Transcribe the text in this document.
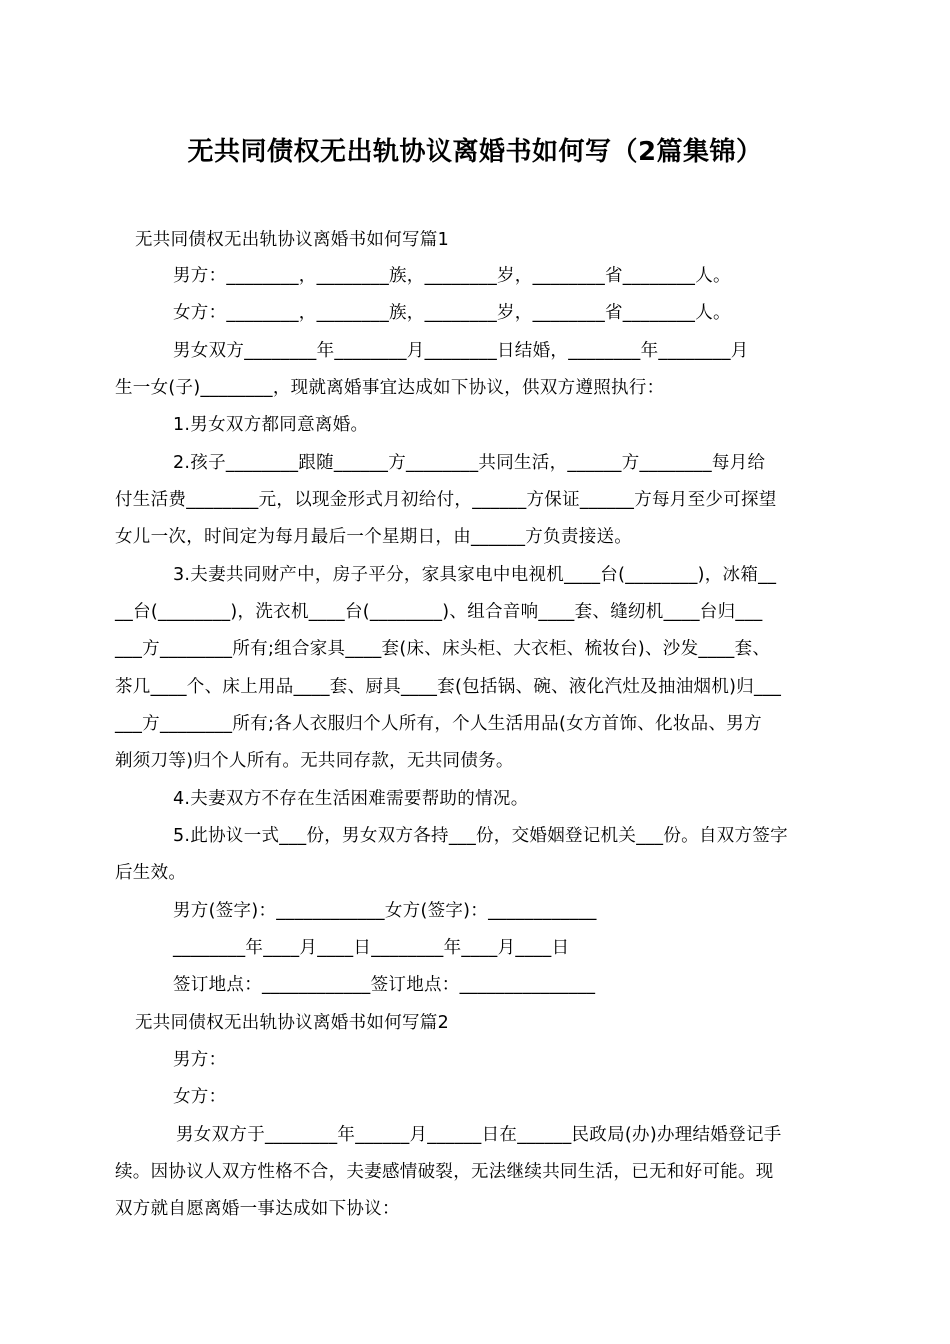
无共同债权无出轨协议离婚书如何写（2篇集锦）
无共同债权无出轨协议离婚书如何写篇1
男方：________，________族，________岁，________省________人。
女方：________，________族，________岁，________省________人。
男女双方________年________月________日结婚，________年________月
生一女(子)________，现就离婚事宜达成如下协议，供双方遵照执行：
1.男女双方都同意离婚。
2.孩子________跟随______方________共同生活，______方________每月给
付生活费________元，以现金形式月初给付，______方保证______方每月至少可探望
女儿一次，时间定为每月最后一个星期日，由______方负责接送。
3.夫妻共同财产中，房子平分，家具家电中电视机____台(________)，冰箱__
__台(________)，洗衣机____台(________)、组合音响____套、缝纫机____台归___
___方________所有;组合家具____套(床、床头柜、大衣柜、梳妆台)、沙发____套、
茶几____个、床上用品____套、厨具____套(包括锅、碗、液化汽灶及抽油烟机)归___
___方________所有;各人衣服归个人所有，个人生活用品(女方首饰、化妆品、男方
剃须刀等)归个人所有。无共同存款，无共同债务。
4.夫妻双方不存在生活困难需要帮助的情况。
5.此协议一式___份，男女双方各持___份，交婚姻登记机关___份。自双方签字
后生效。
男方(签字)：____________女方(签字)：____________
________年____月____日________年____月____日
签订地点：____________签订地点：_______________
无共同债权无出轨协议离婚书如何写篇2
男方：
女方：
男女双方于________年______月______日在______民政局(办)办理结婚登记手
续。因协议人双方性格不合，夫妻感情破裂，无法继续共同生活，已无和好可能。现
双方就自愿离婚一事达成如下协议：
